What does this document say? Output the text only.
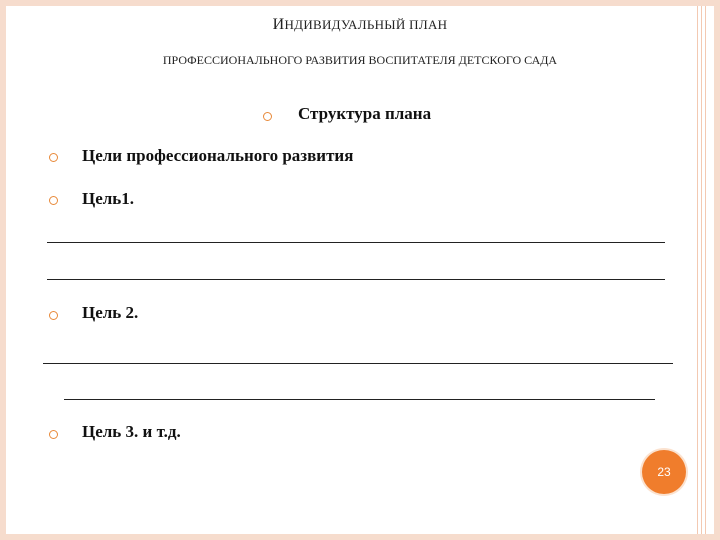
ИНДИВИДУАЛЬНЫЙ ПЛАН
ПРОФЕССИОНАЛЬНОГО РАЗВИТИЯ ВОСПИТАТЕЛЯ ДЕТСКОГО САДА
Структура плана
Цели профессионального развития
Цель1.
Цель 2.
Цель 3. и т.д.
23
